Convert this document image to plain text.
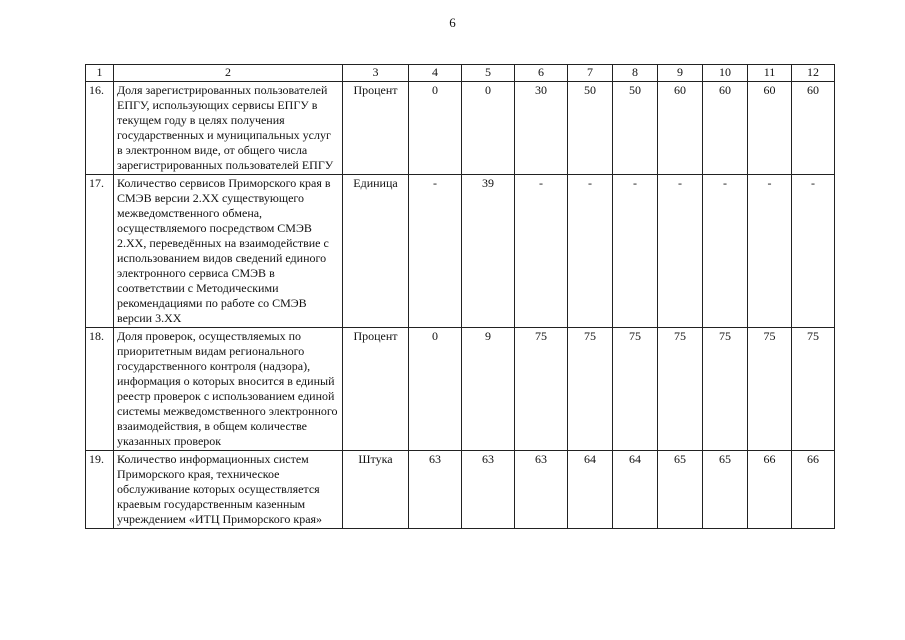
6
1	2	3	4	5	6	7	8	9	10	11	12
16.	Доля зарегистрированных пользователей ЕПГУ, использующих сервисы ЕПГУ в текущем году в целях получения государственных и муниципальных услуг в электронном виде, от общего числа зарегистрированных пользователей ЕПГУ	Процент	0	0	30	50	50	60	60	60	60
17.	Количество сервисов Приморского края в СМЭВ версии 2.ХХ существующего межведомственного обмена, осуществляемого посредством СМЭВ 2.ХХ, переведённых на взаимодействие с использованием видов сведений единого электронного сервиса СМЭВ в соответствии с Методическими рекомендациями по работе со СМЭВ версии 3.ХХ	Единица	-	39	-	-	-	-	-	-	-
18.	Доля проверок, осуществляемых по приоритетным видам регионального государственного контроля (надзора), информация о которых вносится в единый реестр проверок с использованием единой системы межведомственного электронного взаимодействия, в общем количестве указанных проверок	Процент	0	9	75	75	75	75	75	75	75
19.	Количество информационных систем Приморского края, техническое обслуживание которых осуществляется краевым государственным казенным учреждением «ИТЦ Приморского края»	Штука	63	63	63	64	64	65	65	66	66
